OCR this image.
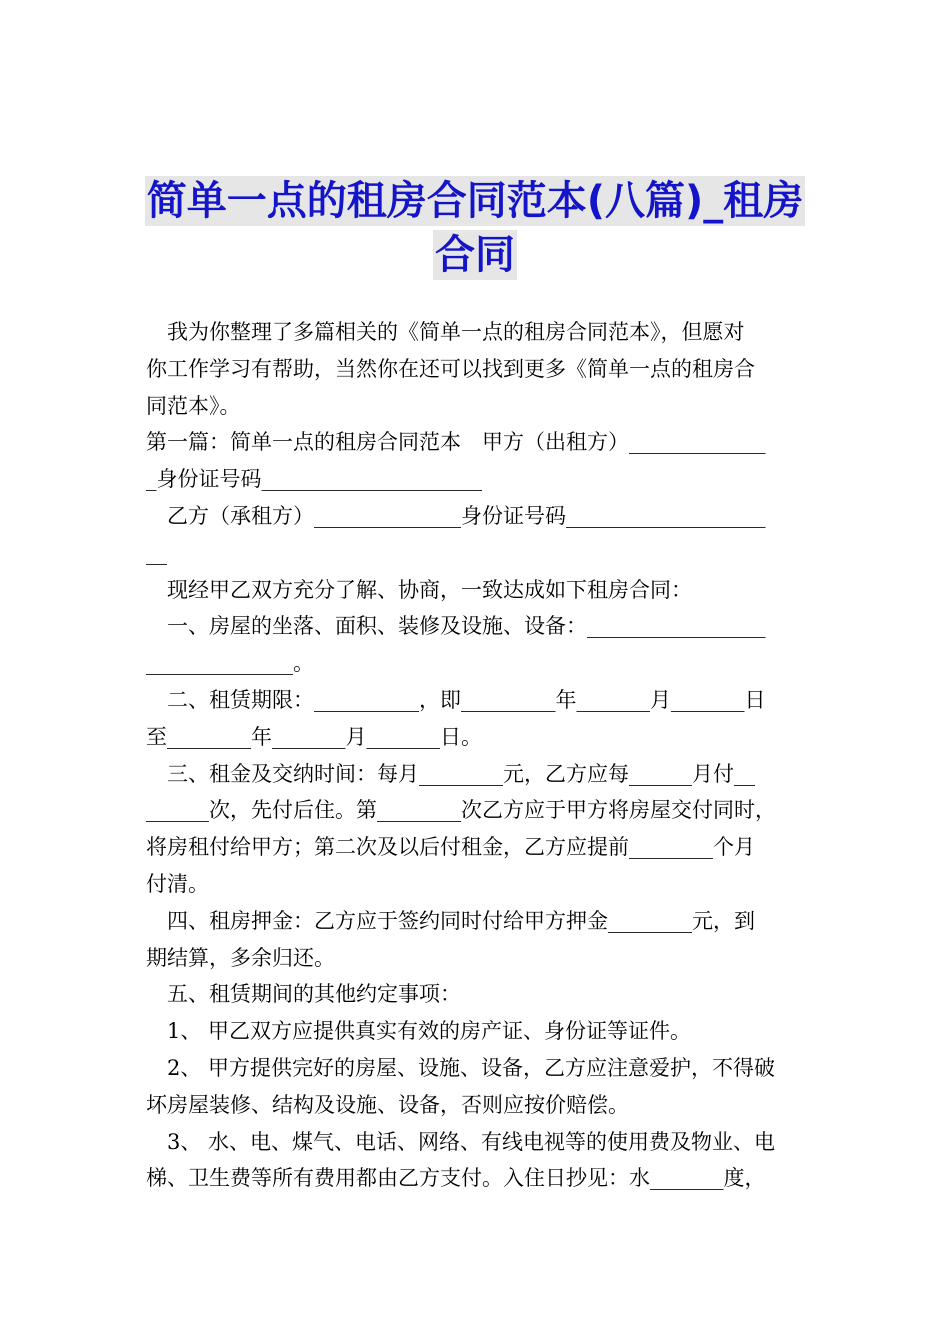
简单一点的租房合同范本(八篇)_租房
合同

　我为你整理了多篇相关的《简单一点的租房合同范本》，但愿对

你工作学习有帮助，当然你在还可以找到更多《简单一点的租房合

同范本》。

第一篇：简单一点的租房合同范本　甲方（出租方）_____________

_身份证号码_____________________

　乙方（承租方）______________身份证号码___________________

__

　现经甲乙双方充分了解、协商，一致达成如下租房合同：

　一、房屋的坐落、面积、装修及设施、设备：_________________

______________。

　二、租赁期限：__________，即_________年_______月_______日

至________年_______月_______日。

　三、租金及交纳时间：每月________元，乙方应每______月付__

______次，先付后住。第________次乙方应于甲方将房屋交付同时，

将房租付给甲方；第二次及以后付租金，乙方应提前________个月

付清。

　四、租房押金：乙方应于签约同时付给甲方押金________元，到

期结算，多余归还。

　五、租赁期间的其他约定事项：

　1、 甲乙双方应提供真实有效的房产证、身份证等证件。

　2、 甲方提供完好的房屋、设施、设备，乙方应注意爱护，不得破

坏房屋装修、结构及设施、设备，否则应按价赔偿。

　3、 水、电、煤气、电话、网络、有线电视等的使用费及物业、电

梯、卫生费等所有费用都由乙方支付。入住日抄见：水_______度，
